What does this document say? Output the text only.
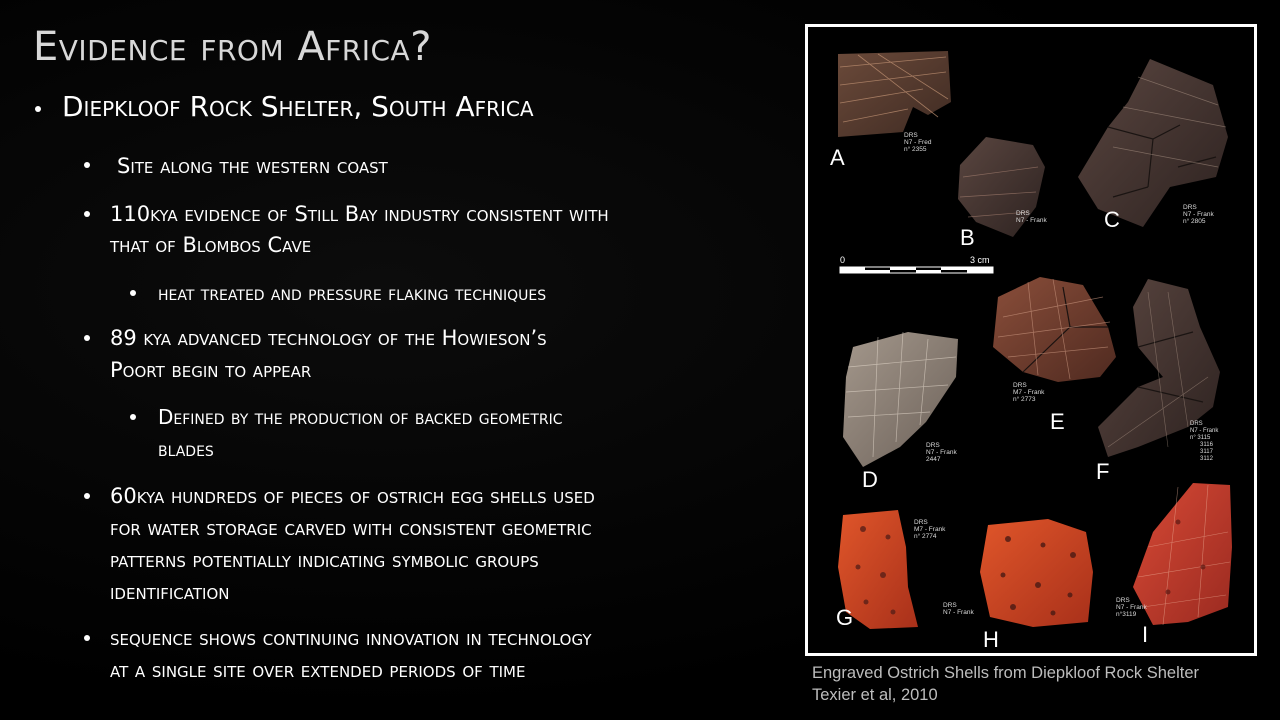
Evidence from Africa?
Diepkloof Rock Shelter, South Africa
Site along the western coast
110kya evidence of Still Bay industry consistent with
that of Blombos Cave
heat treated and pressure flaking techniques
89 kya advanced technology of the Howieson’s
Poort begin to appear
Defined by the production of backed geometric
blades
60kya hundreds of pieces of ostrich egg shells used
for water storage carved with consistent geometric
patterns potentially indicating symbolic groups
identification
sequence shows continuing innovation in technology
at a single site over extended periods of time
DRS N7 - Fred n° 2355
A
DRS N7 - Frank
B
DRS N7 - Frank n° 2805
C
0	3 cm
DRS N7 - Frank 2447
D
DRS M7 - Frank n° 2773
E	DRS N7 - Frank n° 3115 3116 3117 3112
F
DRS M7 - Frank n° 2774
G	DRS N7 - Frank
H
DRS N7 - Frank n°3119
I
Engraved Ostrich Shells from Diepkloof Rock Shelter
Texier et al, 2010
